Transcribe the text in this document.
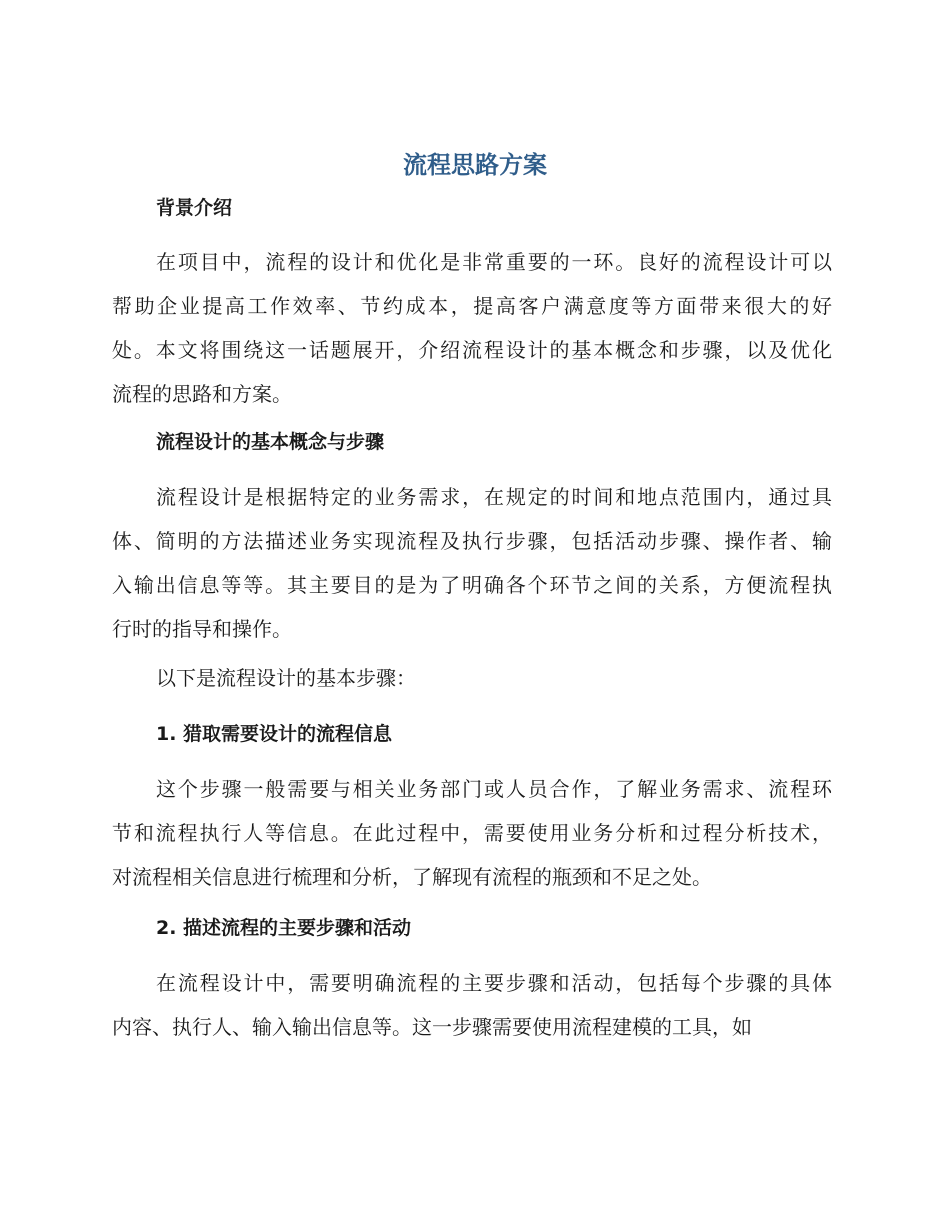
流程思路方案
背景介绍
在项目中，流程的设计和优化是非常重要的一环。良好的流程设计可以
帮助企业提高工作效率、节约成本，提高客户满意度等方面带来很大的好
处。本文将围绕这一话题展开，介绍流程设计的基本概念和步骤，以及优化
流程的思路和方案。
流程设计的基本概念与步骤
流程设计是根据特定的业务需求，在规定的时间和地点范围内，通过具
体、简明的方法描述业务实现流程及执行步骤，包括活动步骤、操作者、输
入输出信息等等。其主要目的是为了明确各个环节之间的关系，方便流程执
行时的指导和操作。
以下是流程设计的基本步骤：
1. 猎取需要设计的流程信息
这个步骤一般需要与相关业务部门或人员合作，了解业务需求、流程环
节和流程执行人等信息。在此过程中，需要使用业务分析和过程分析技术，
对流程相关信息进行梳理和分析，了解现有流程的瓶颈和不足之处。
2. 描述流程的主要步骤和活动
在流程设计中，需要明确流程的主要步骤和活动，包括每个步骤的具体
内容、执行人、输入输出信息等。这一步骤需要使用流程建模的工具，如
